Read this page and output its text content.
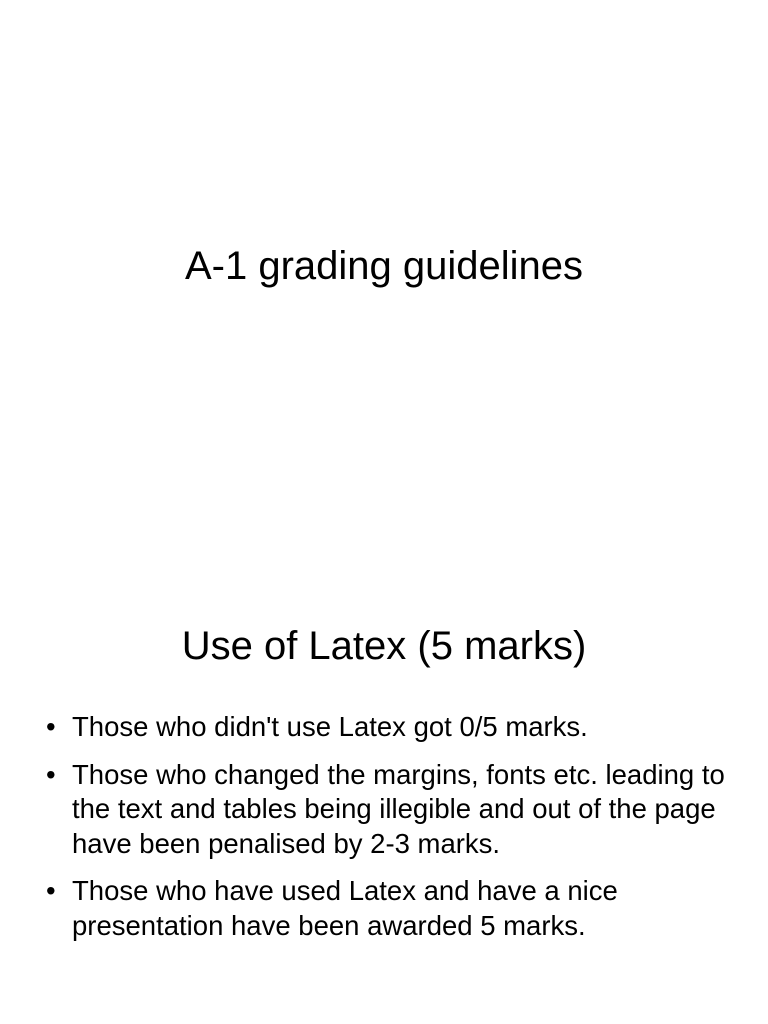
A-1 grading guidelines
Use of Latex (5 marks)
• Those who didn't use Latex got 0/5 marks.
• Those who changed the margins, fonts etc. leading to the text and tables being illegible and out of the page have been penalised by 2-3 marks.
• Those who have used Latex and have a nice presentation have been awarded 5 marks.
